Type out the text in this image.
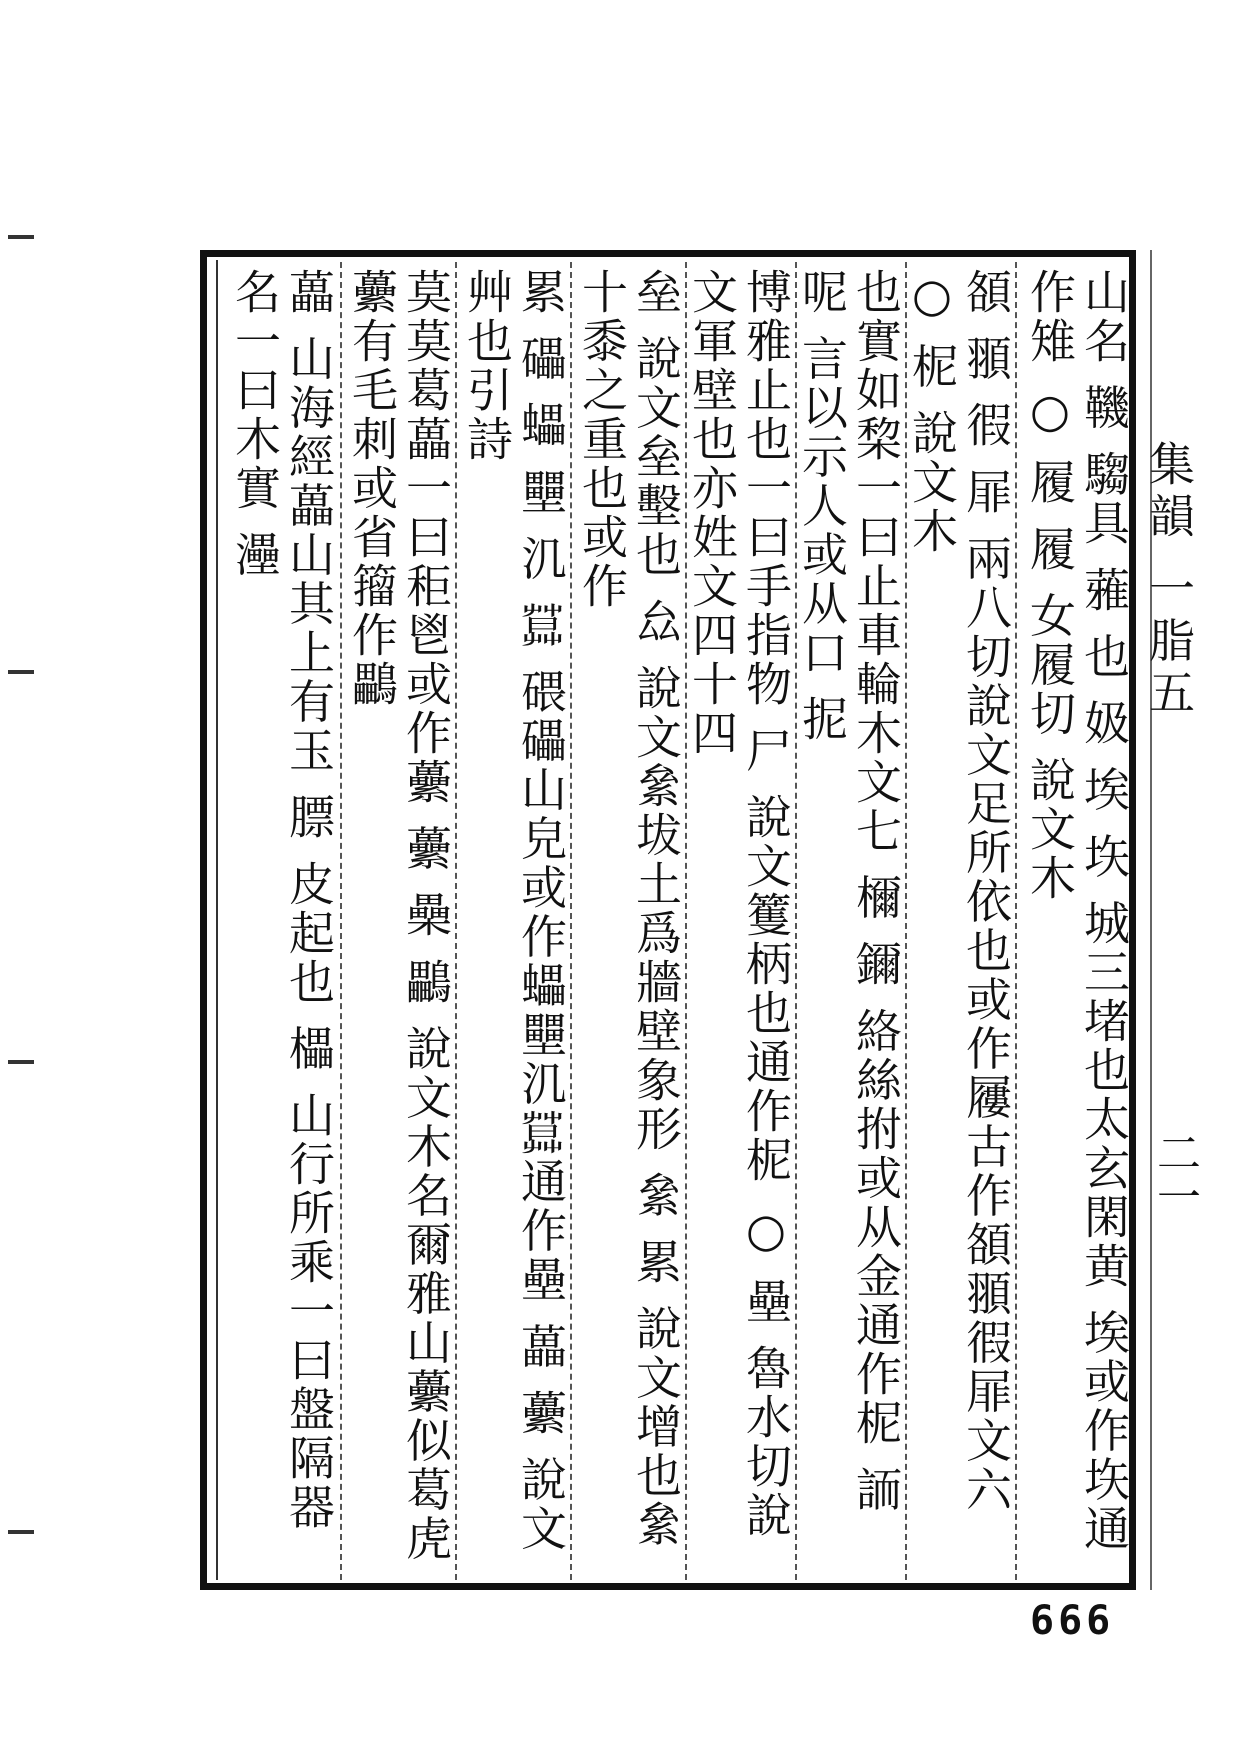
山名 鞿 騶具 蕥 也 㚫 埃 垁 城三堵也太玄閑黄 埃或作垁通作雉 ○ 履 履 女履切 說文木
頟 頨 徦 屝 兩八切說文足所依也或作屨古作頟頨徦屝文六 ○ 柅 說文木
也實如棃一曰止車輪木文七 檷 鑈 絡絲拊或从金通作柅 䛔 呢 言以示人或从口 抳
博雅止也一曰手指物 尸 說文籆柄也通作柅 ○ 壘 魯水切說文軍壁也亦姓文四十四
垒 說文垒墼也 厽 說文絫坺土爲牆壁象形 絫 累 說文增也絫十黍之重也或作
累 礧 蠝 壨 㲹 𦶛 碨礧山皃或作蠝壨㲹𦶛通作壘 藟 虆 說文艸也引詩
莫莫葛藟一曰秬鬯或作虆 虆 櫐 鸓 說文木名爾雅山虆似葛虎虆有毛刺或省籀作鸓
藟 山海經藟山其上有玉 膘 皮起也 櫑 山行所乘一曰盤隔器名一曰木實 灅	集韻 一脂五
二一
666
